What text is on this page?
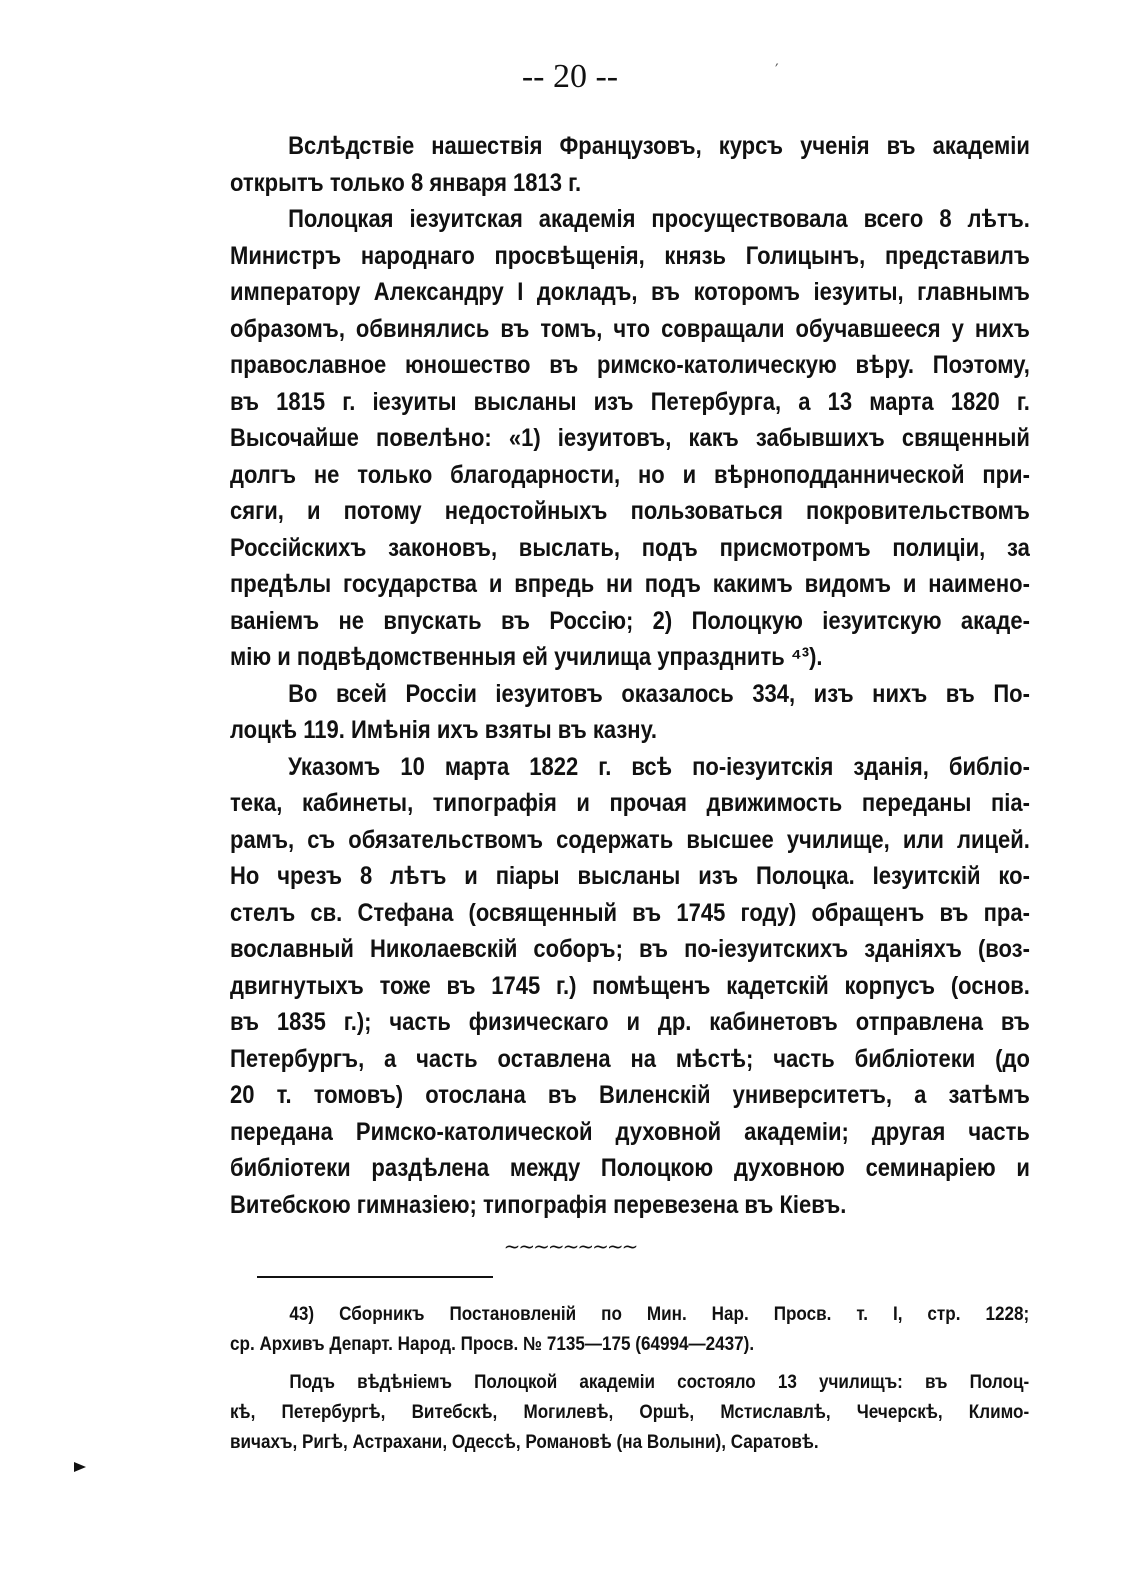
-- 20 --	′
Вслѣдствіе нашествія Французовъ, курсъ ученія въ академіи
открытъ только 8 января 1813 г.
Полоцкая іезуитская академія просуществовала всего 8 лѣтъ.
Министръ народнаго просвѣщенія, князь Голицынъ, представилъ
императору Александру I докладъ, въ которомъ іезуиты, главнымъ
образомъ, обвинялись въ томъ, что совращали обучавшееся у нихъ
православное юношество въ римско-католическую вѣру. Поэтому,
въ 1815 г. іезуиты высланы изъ Петербурга, а 13 марта 1820 г.
Высочайше повелѣно: «1) іезуитовъ, какъ забывшихъ священный
долгъ не только благодарности, но и вѣрноподданнической при-
сяги, и потому недостойныхъ пользоваться покровительствомъ
Россійскихъ законовъ, выслать, подъ присмотромъ полиціи, за
предѣлы государства и впредь ни подъ какимъ видомъ и наимено-
ваніемъ не впускать въ Россію; 2) Полоцкую іезуитскую акаде-
мію и подвѣдомственныя ей училища упразднить ⁴³).
Во всей Россіи іезуитовъ оказалось 334, изъ нихъ въ По-
лоцкѣ 119. Имѣнія ихъ взяты въ казну.
Указомъ 10 марта 1822 г. всѣ по-іезуитскія зданія, библіо-
тека, кабинеты, типографія и прочая движимость переданы піа-
рамъ, съ обязательствомъ содержать высшее училище, или лицей.
Но чрезъ 8 лѣтъ и піары высланы изъ Полоцка. Іезуитскій ко-
стелъ св. Стефана (освященный въ 1745 году) обращенъ въ пра-
вославный Николаевскій соборъ; въ по-іезуитскихъ зданіяхъ (воз-
двигнутыхъ тоже въ 1745 г.) помѣщенъ кадетскій корпусъ (основ.
въ 1835 г.); часть физическаго и др. кабинетовъ отправлена въ
Петербургъ, а часть оставлена на мѣстѣ; часть библіотеки (до
20 т. томовъ) отослана въ Виленскій университетъ, а затѣмъ
передана Римско-католической духовной академіи; другая часть
библіотеки раздѣлена между Полоцкою духовною семинаріею и
Витебскою гимназіею; типографія перевезена въ Кіевъ.
~~~~~~~~~
43) Сборникъ Постановленій по Мин. Нар. Просв. т. I, стр. 1228;
ср. Архивъ Департ. Народ. Просв. № 7135—175 (64994—2437).
Подъ вѣдѣніемъ Полоцкой академіи состояло 13 училищъ: въ Полоц-
кѣ, Петербургѣ, Витебскѣ, Могилевѣ, Оршѣ, Мстиславлѣ, Чечерскѣ, Климо-
вичахъ, Ригѣ, Астрахани, Одессѣ, Романовѣ (на Волыни), Саратовѣ.
